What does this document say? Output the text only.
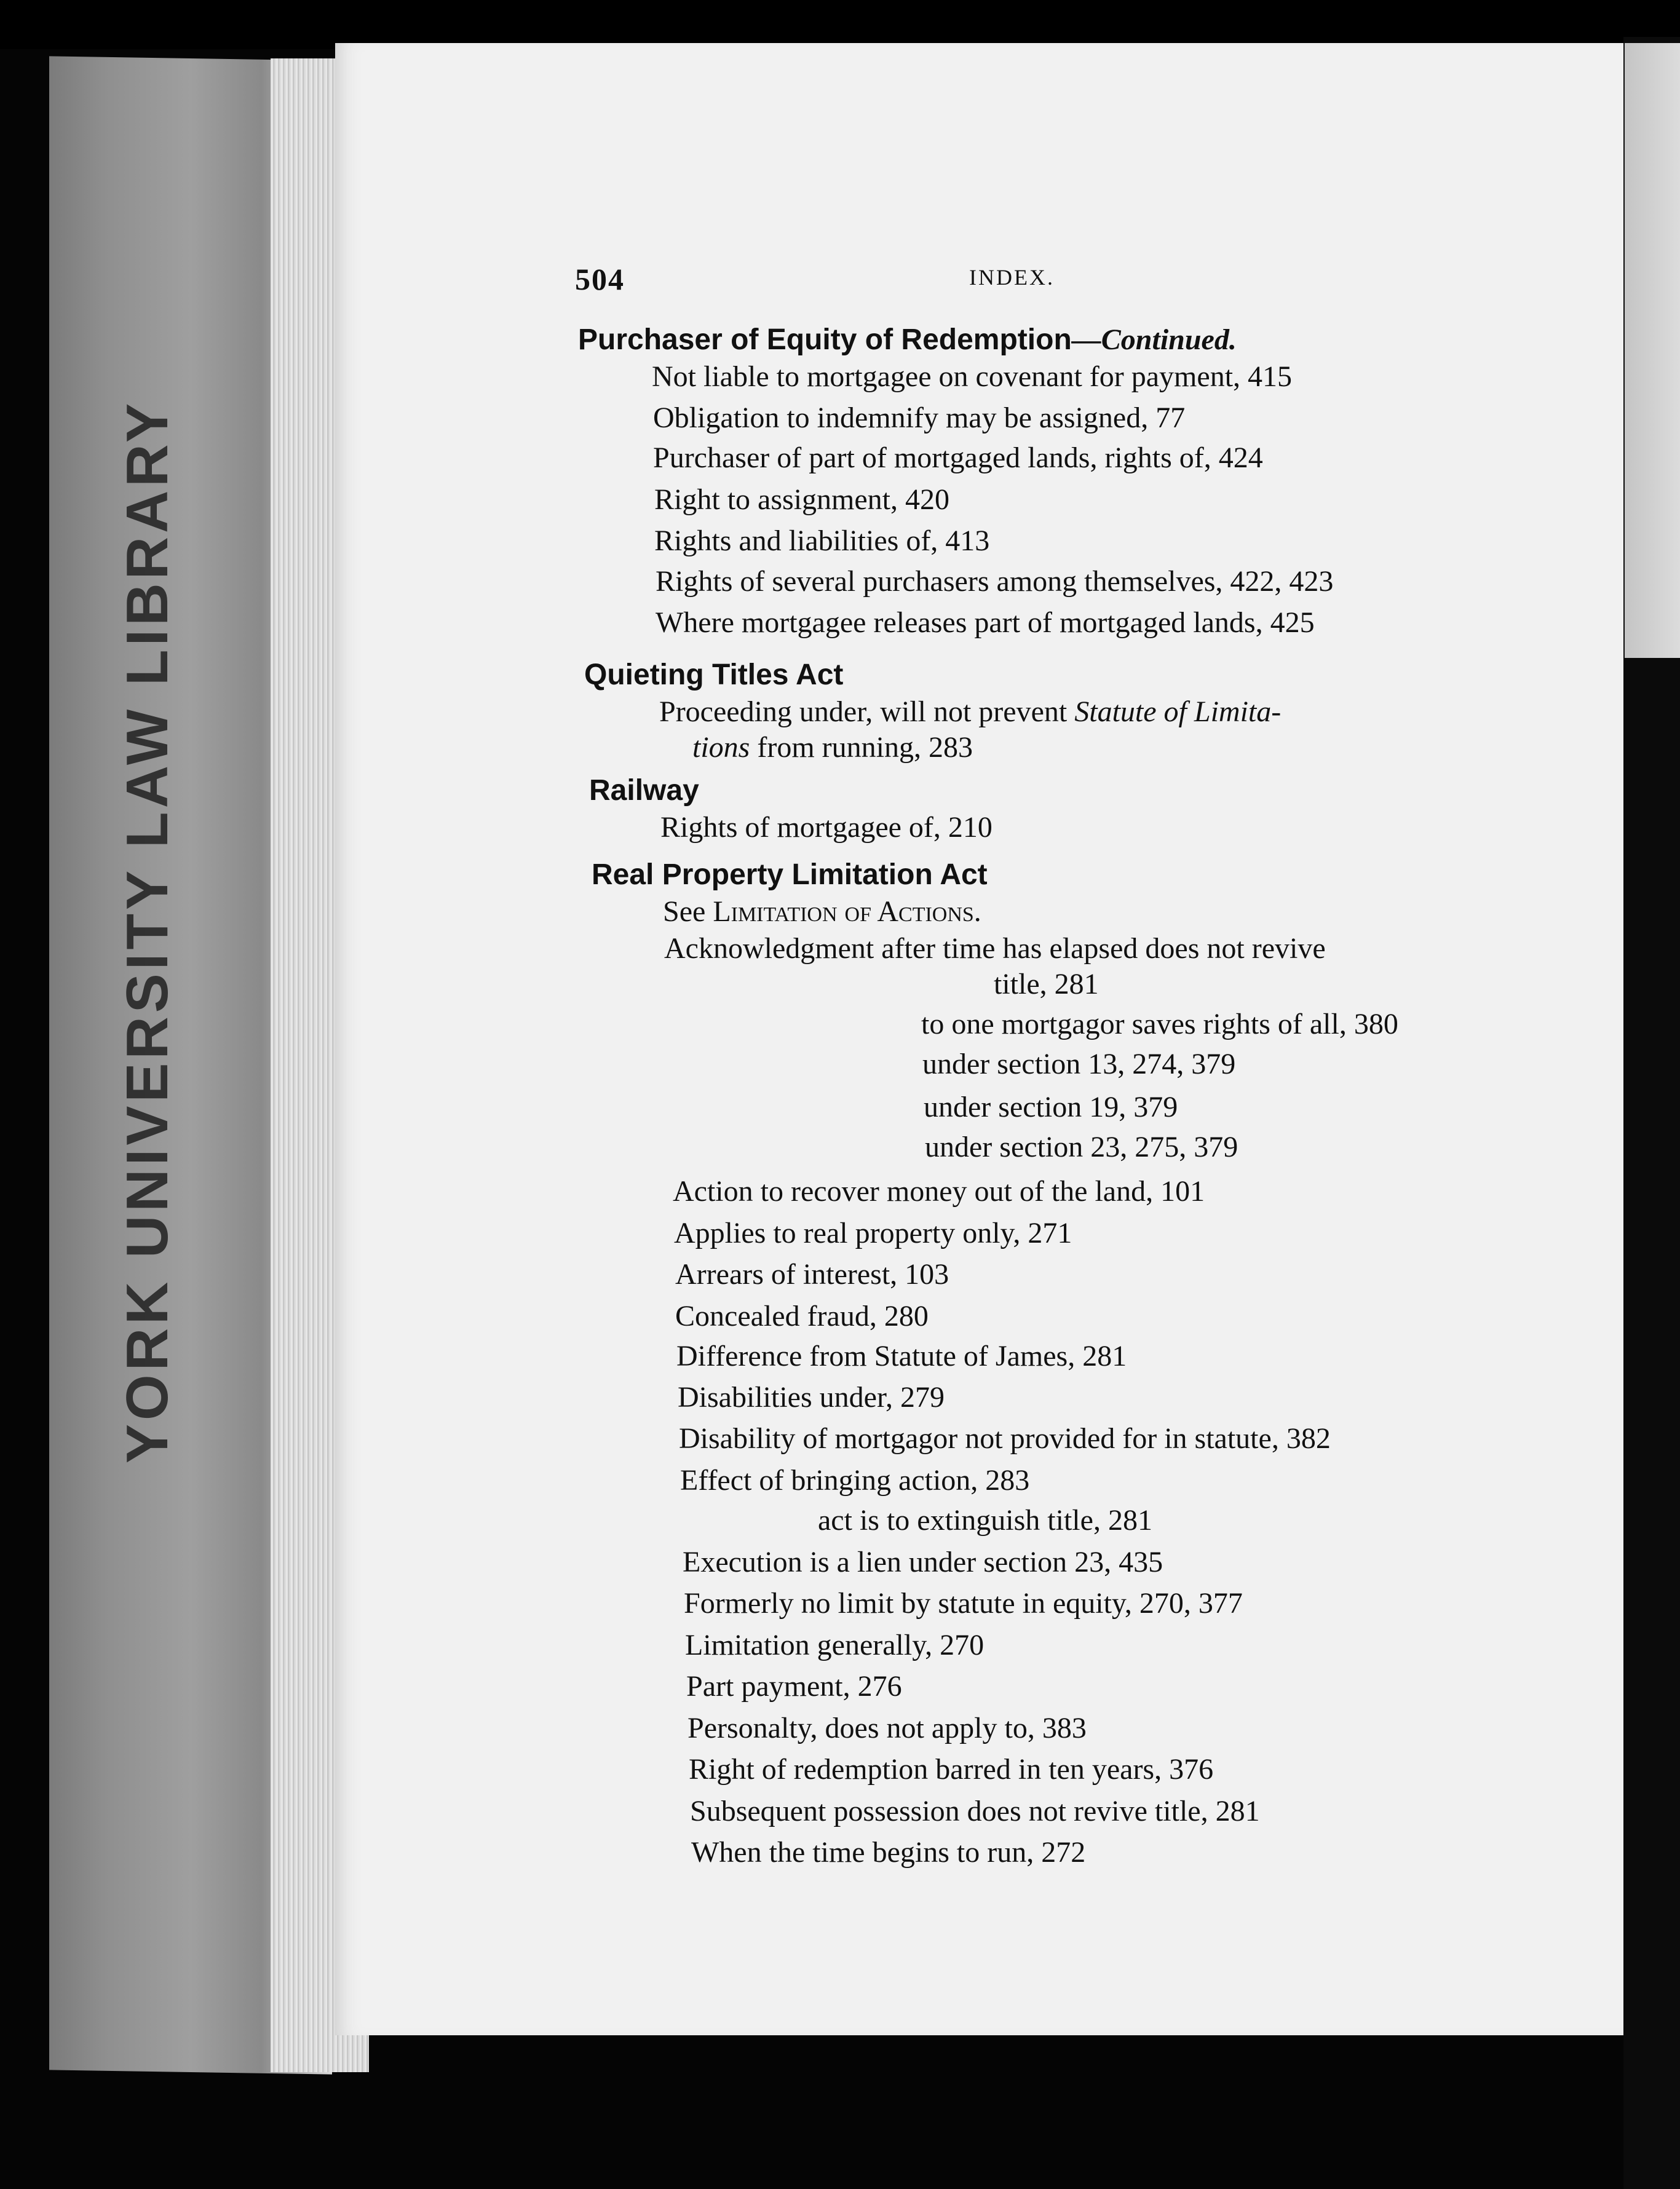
YORK UNIVERSITY LAW LIBRARY
504	INDEX.
Purchaser of Equity of Redemption—Continued.
Not liable to mortgagee on covenant for payment, 415
Obligation to indemnify may be assigned, 77
Purchaser of part of mortgaged lands, rights of, 424
Right to assignment, 420
Rights and liabilities of, 413
Rights of several purchasers among themselves, 422, 423
Where mortgagee releases part of mortgaged lands, 425
Quieting Titles Act
Proceeding under, will not prevent Statute of Limita-
tions from running, 283
Railway
Rights of mortgagee of, 210
Real Property Limitation Act
See Limitation of Actions.
Acknowledgment after time has elapsed does not revive
title, 281
to one mortgagor saves rights of all, 380
under section 13, 274, 379
under section 19, 379
under section 23, 275, 379
Action to recover money out of the land, 101
Applies to real property only, 271
Arrears of interest, 103
Concealed fraud, 280
Difference from Statute of James, 281
Disabilities under, 279
Disability of mortgagor not provided for in statute, 382
Effect of bringing action, 283
act is to extinguish title, 281
Execution is a lien under section 23, 435
Formerly no limit by statute in equity, 270, 377
Limitation generally, 270
Part payment, 276
Personalty, does not apply to, 383
Right of redemption barred in ten years, 376
Subsequent possession does not revive title, 281
When the time begins to run, 272
